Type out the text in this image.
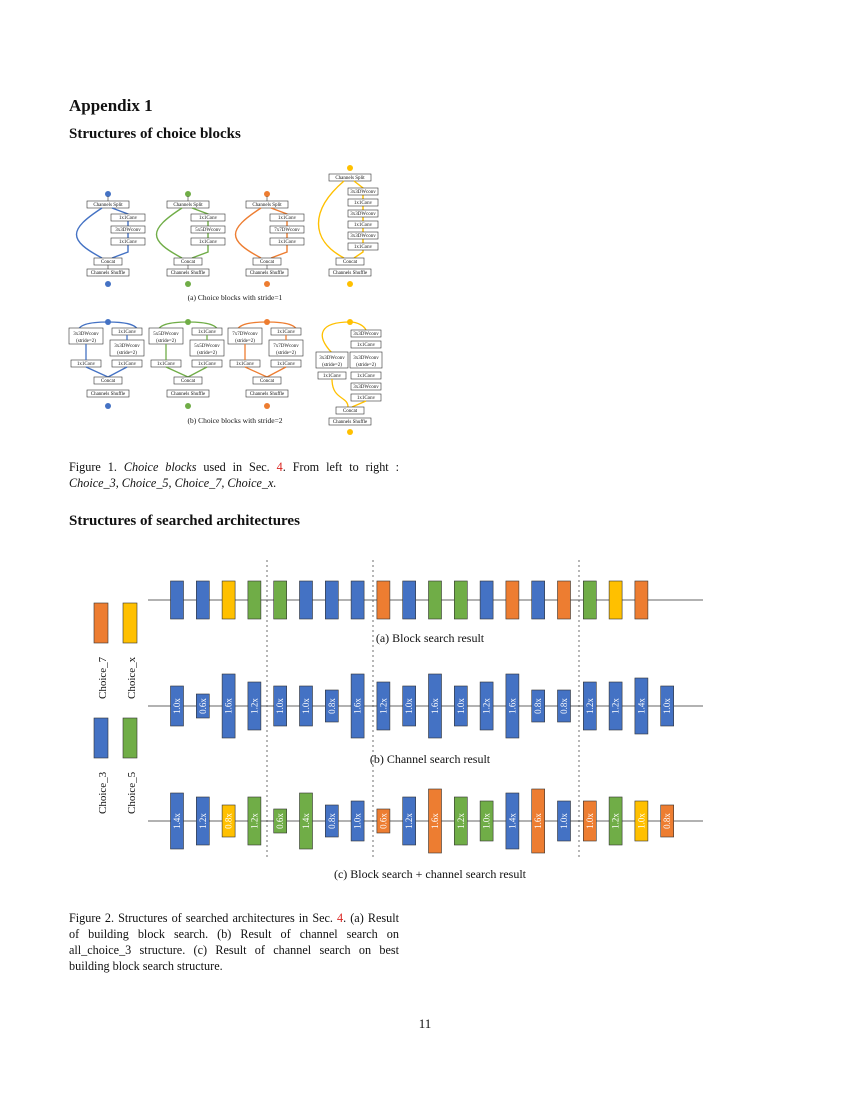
Appendix 1
Structures of choice blocks
Channels Split
1x1Conv
3x3DWconv
1x1Conv
Concat
Channels Shuffle
Channels Split
1x1Conv
5x5DWconv
1x1Conv
Concat
Channels Shuffle
Channels Split
1x1Conv
7x7DWconv
1x1Conv
Concat
Channels Shuffle
Channels Split
3x3DWconv
1x1Conv
3x3DWconv
1x1Conv
3x3DWconv
1x1Conv
Concat
Channels Shuffle
(a) Choice blocks with stride=1
3x3DWconv
(stride=2)
1x1Conv
1x1Conv
3x3DWconv
(stride=2)
1x1Conv
Concat
Channels Shuffle
5x5DWconv
(stride=2)
1x1Conv
1x1Conv
5x5DWconv
(stride=2)
1x1Conv
Concat
Channels Shuffle
7x7DWconv
(stride=2)
1x1Conv
1x1Conv
7x7DWconv
(stride=2)
1x1Conv
Concat
Channels Shuffle
3x3DWconv
(stride=2)
1x1Conv
3x3DWconv
1x1Conv
3x3DWconv
(stride=2)
1x1Conv
3x3DWconv
1x1Conv
Concat
Channels Shuffle
(b) Choice blocks with stride=2
Figure 1. Choice blocks used in Sec. 4. From left to right :
Choice_3, Choice_5, Choice_7, Choice_x.
Structures of searched architectures
Choice_7 Choice_x
Choice_3 Choice_5
(a) Block search result
1.0x 0.6x 1.6x 1.2x 1.0x 1.0x 0.8x 1.6x 1.2x 1.0x 1.6x 1.0x 1.2x 1.6x 0.8x 0.8x 1.2x 1.2x 1.4x 1.0x
(b) Channel search result
1.4x 1.2x 0.8x 1.2x 0.6x 1.4x 0.8x 1.0x 0.6x 1.2x 1.6x 1.2x 1.0x 1.4x 1.6x 1.0x 1.0x 1.2x 1.0x 0.8x
(c) Block search + channel search result
Figure 2. Structures of searched architectures in Sec. 4. (a) Result of building block search. (b) Result of channel search on all_choice_3 structure. (c) Result of channel search on best building block search structure.
11
